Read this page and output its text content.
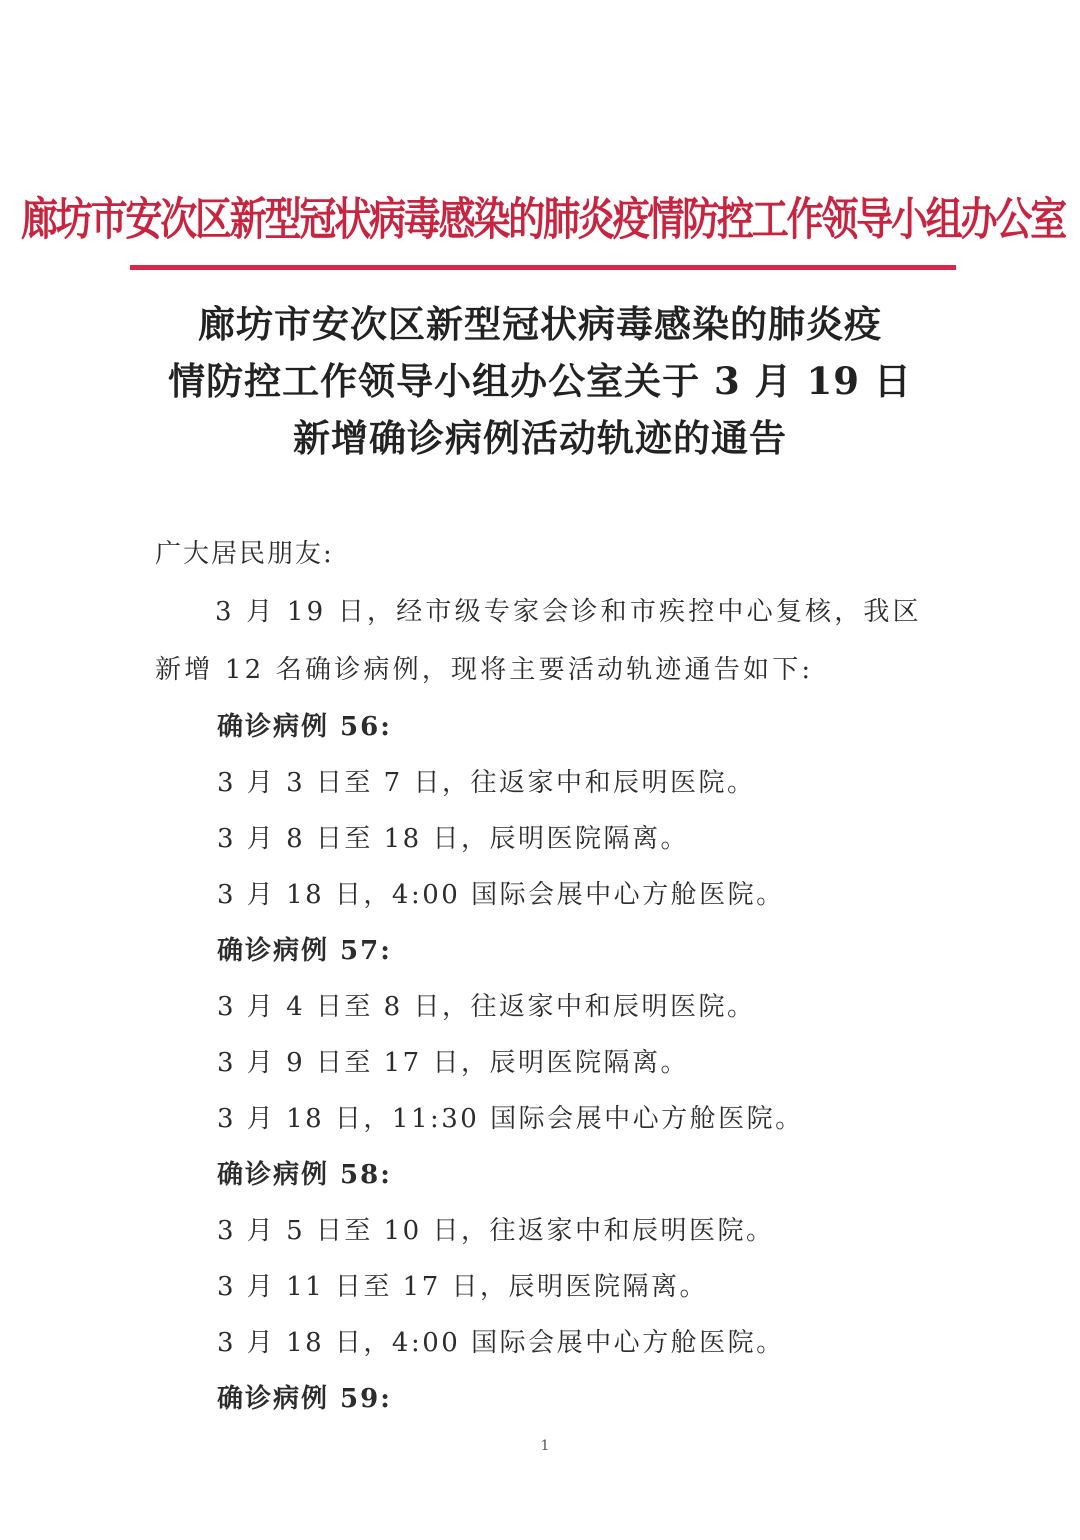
廊坊市安次区新型冠状病毒感染的肺炎疫情防控工作领导小组办公室
廊坊市安次区新型冠状病毒感染的肺炎疫
情防控工作领导小组办公室关于 3 月 19 日
新增确诊病例活动轨迹的通告
广大居民朋友:

3 月 19 日，经市级专家会诊和市疾控中心复核，我区新增 12 名确诊病例，现将主要活动轨迹通告如下:

确诊病例 56:
3 月 3 日至 7 日，往返家中和辰明医院。
3 月 8 日至 18 日，辰明医院隔离。
3 月 18 日，4:00 国际会展中心方舱医院。
确诊病例 57:
3 月 4 日至 8 日，往返家中和辰明医院。
3 月 9 日至 17 日，辰明医院隔离。
3 月 18 日，11:30 国际会展中心方舱医院。
确诊病例 58:
3 月 5 日至 10 日，往返家中和辰明医院。
3 月 11 日至 17 日，辰明医院隔离。
3 月 18 日，4:00 国际会展中心方舱医院。
确诊病例 59:
1
